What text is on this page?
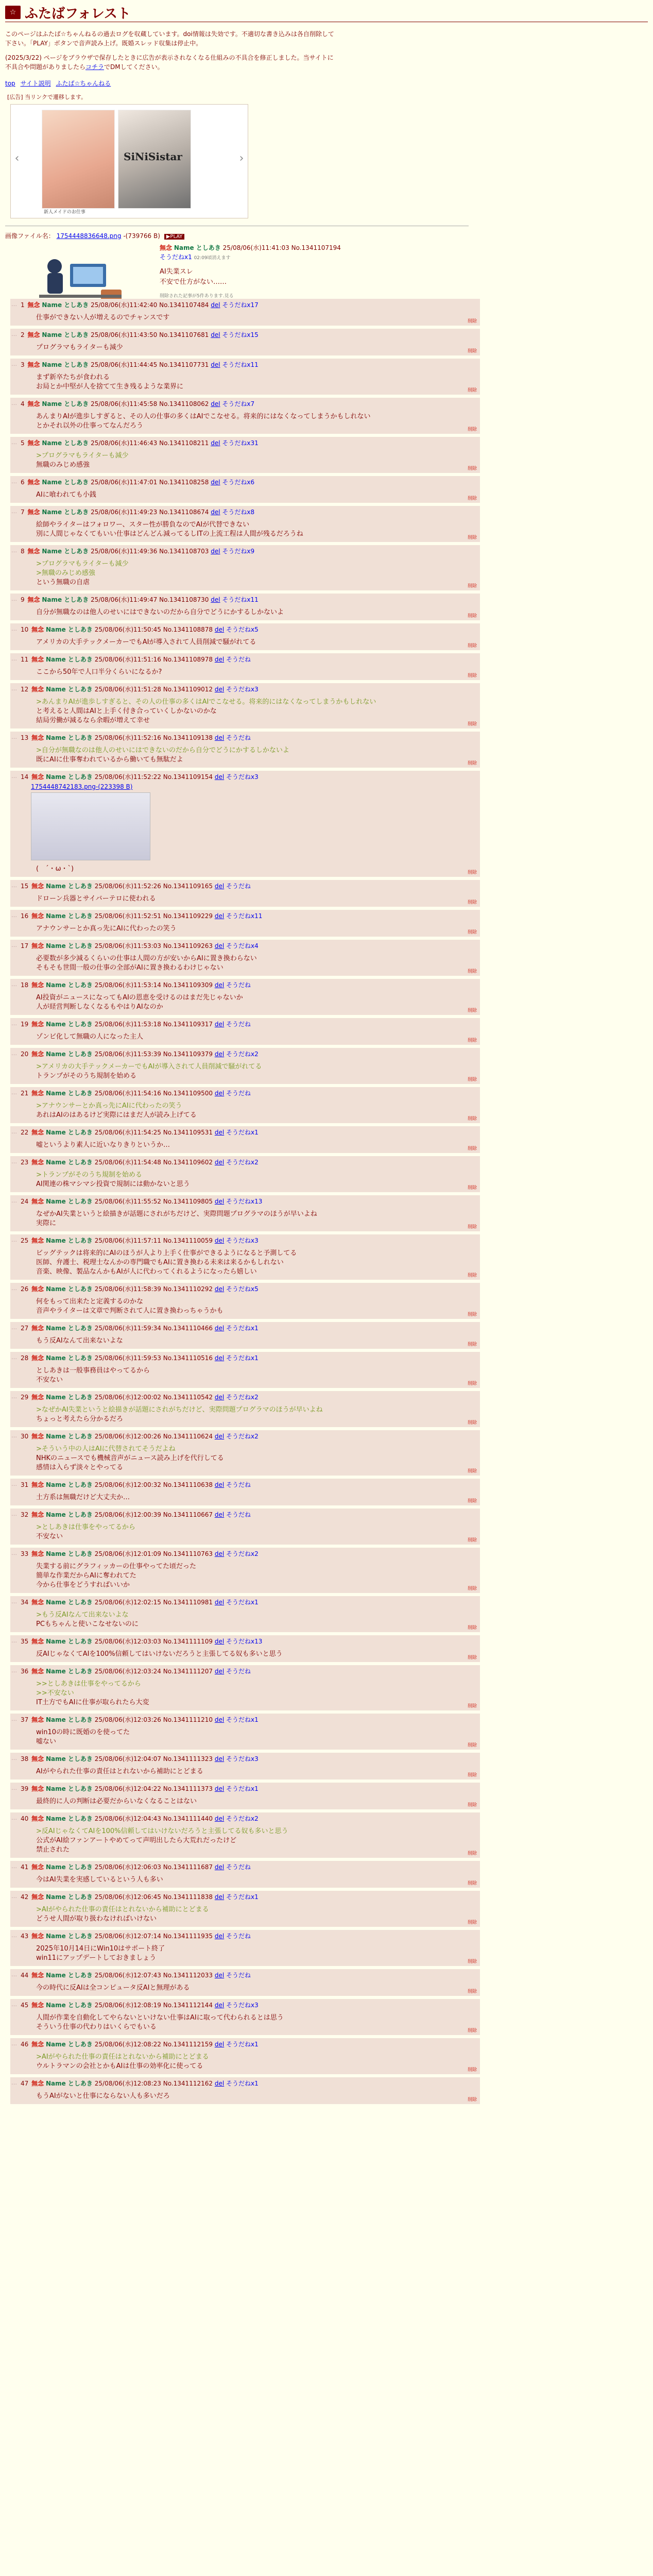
☆ ふたばフォレスト
このページはふたば☆ちゃんねるの過去ログを収蔵しています。doi情報は失効です。不適切な書き込みは各自削除して下さい。「PLAY」ボタンで音声読み上げ。既婚スレッド収集は停止中。
(2025/3/22) ページをブラウザで保存したときに広告が表示されなくなる仕組みの不具合を修正しました。当サイトに不具合や問題がありましたらコチラでDMしてください。
top サイト説明 ふたば☆ちゃんねる
[広告] 当リンクで遷移します。
‹	SiNiSistar
新人メイドのお仕事
›
画像ファイル名： 1754448836648.png -(739766 B) ▶PLAY
無念 Name としあき 25/08/06(水)11:41:03 No.1341107194
そうだねx1 02:09頃消えます
AI失業スレ
不安で仕方がない……
削除された記事が5件あります.見る
… 1 無念 Name としあき 25/08/06(水)11:42:40 No.1341107484 del そうだねx17
仕事ができない人が増えるのでチャンスです	削除
… 2 無念 Name としあき 25/08/06(水)11:43:50 No.1341107681 del そうだねx15
プログラマもライターも減少	削除
… 3 無念 Name としあき 25/08/06(水)11:44:45 No.1341107731 del そうだねx11
まず新卒たちが食われる
お局とか中堅が人を捨てて生き残るような業界に	削除
… 4 無念 Name としあき 25/08/06(水)11:45:58 No.1341108062 del そうだねx7
あんまりAIが進歩しすぎると、その人の仕事の多くはAIでこなせる。将来的にはなくなってしまうかもしれない
とかそれ以外の仕事ってなんだろう	削除
… 5 無念 Name としあき 25/08/06(水)11:46:43 No.1341108211 del そうだねx31
>プログラマもライターも減少
無職のみじめ感強	削除
… 6 無念 Name としあき 25/08/06(水)11:47:01 No.1341108258 del そうだねx6
AIに喰われても小銭	削除
… 7 無念 Name としあき 25/08/06(水)11:49:23 No.1341108674 del そうだねx8
絵師やライターはフォロワー、スター性が勝負なのでAIが代替できない
別に人間じゃなくてもいい仕事はどんどん減ってるしITの上流工程は人間が残るだろうね	削除
… 8 無念 Name としあき 25/08/06(水)11:49:36 No.1341108703 del そうだねx9
>プログラマもライターも減少
>無職のみじめ感強
という無職の自虐	削除
… 9 無念 Name としあき 25/08/06(水)11:49:47 No.1341108730 del そうだねx11
自分が無職なのは他人のせいにはできないのだから自分でどうにかするしかないよ	削除
… 10 無念 Name としあき 25/08/06(水)11:50:45 No.1341108878 del そうだねx5
アメリカの大手テックメーカーでもAIが導入されて人員削減で騒がれてる	削除
… 11 無念 Name としあき 25/08/06(水)11:51:16 No.1341108978 del そうだね
ここから50年で人口半分くらいになるか?	削除
… 12 無念 Name としあき 25/08/06(水)11:51:28 No.1341109012 del そうだねx3
>あんまりAIが進歩しすぎると、その人の仕事の多くはAIでこなせる。将来的にはなくなってしまうかもしれない
と考えると人間はAIと上手く付き合っていくしかないのかな
結局労働が減るなら余暇が増えて幸せ	削除
… 13 無念 Name としあき 25/08/06(水)11:52:16 No.1341109138 del そうだね
>自分が無職なのは他人のせいにはできないのだから自分でどうにかするしかないよ
既にAIに仕事奪われているから働いても無駄だよ	削除
… 14 無念 Name としあき 25/08/06(水)11:52:22 No.1341109154 del そうだねx3
1754448742183.png-(223398 B)
(　´・ω・`)	削除
… 15 無念 Name としあき 25/08/06(水)11:52:26 No.1341109165 del そうだね
ドローン兵器とサイバーテロに使われる	削除
… 16 無念 Name としあき 25/08/06(水)11:52:51 No.1341109229 del そうだねx11
アナウンサーとか真っ先にAIに代わったの笑う	削除
… 17 無念 Name としあき 25/08/06(水)11:53:03 No.1341109263 del そうだねx4
必要数が多少減るくらいの仕事は人間の方が安いからAIに置き換わらない
そもそも世間一般の仕事の全部がAIに置き換わるわけじゃない	削除
… 18 無念 Name としあき 25/08/06(水)11:53:14 No.1341109309 del そうだね
AI投資がニュースになってもAIの恩恵を受けるのはまだ先じゃないか
人が経営判断しなくなるもやはりAIなのか	削除
… 19 無念 Name としあき 25/08/06(水)11:53:18 No.1341109317 del そうだね
ゾンビ化して無職の人になった主人	削除
… 20 無念 Name としあき 25/08/06(水)11:53:39 No.1341109379 del そうだねx2
>アメリカの大手テックメーカーでもAIが導入されて人員削減で騒がれてる
トランプがそのうち規制を始める	削除
… 21 無念 Name としあき 25/08/06(水)11:54:16 No.1341109500 del そうだね
>アナウンサーとか真っ先にAIに代わったの笑う
あれはAIのはあるけど実際にはまだ人が読み上げてる	削除
… 22 無念 Name としあき 25/08/06(水)11:54:25 No.1341109531 del そうだねx1
嘘というより素人に近いなりきりというか…	削除
… 23 無念 Name としあき 25/08/06(水)11:54:48 No.1341109602 del そうだねx2
>トランプがそのうち規制を始める
AI関連の株マシマシ投資で規制には動かないと思う	削除
… 24 無念 Name としあき 25/08/06(水)11:55:52 No.1341109805 del そうだねx13
なぜかAI失業というと絵描きが話題にされがちだけど、実際問題プログラマのほうが早いよね
実際に	削除
… 25 無念 Name としあき 25/08/06(水)11:57:11 No.1341110059 del そうだねx3
ビッグテックは将来的にAIのほうが人より上手く仕事ができるようになると予測してる
医師、弁護士、税理士なんかの専門職でもAIに置き換わる未来は来るかもしれない
音楽、映像、製品なんかもAIが人に代わってくれるようになったら嬉しい	削除
… 26 無念 Name としあき 25/08/06(水)11:58:39 No.1341110292 del そうだねx5
何をもって出来たと定義するのかな
音声やライターは文章で判断されて人に置き換わっちゃうかも	削除
… 27 無念 Name としあき 25/08/06(水)11:59:34 No.1341110466 del そうだねx1
もう反AIなんて出来ないよな	削除
… 28 無念 Name としあき 25/08/06(水)11:59:53 No.1341110516 del そうだねx1
としあきは一般事務員はやってるから
不安ない	削除
… 29 無念 Name としあき 25/08/06(水)12:00:02 No.1341110542 del そうだねx2
>なぜかAI失業というと絵描きが話題にされがちだけど、実際問題プログラマのほうが早いよね
ちょっと考えたら分かるだろ	削除
… 30 無念 Name としあき 25/08/06(水)12:00:26 No.1341110624 del そうだねx2
>そういう中の人はAIに代替されてそうだよね
NHKのニュースでも機械音声がニュース読み上げを代行してる
感情は入らず淡々とやってる	削除
… 31 無念 Name としあき 25/08/06(水)12:00:32 No.1341110638 del そうだね
土方系は無職だけど大丈夫か…	削除
… 32 無念 Name としあき 25/08/06(水)12:00:39 No.1341110667 del そうだね
>としあきは仕事をやってるから
不安ない	削除
… 33 無念 Name としあき 25/08/06(水)12:01:09 No.1341110763 del そうだねx2
失業する前にグラフィッカーの仕事やってた頃だった
簡単な作業だからAIに奪われてた
今から仕事をどうすればいいか	削除
… 34 無念 Name としあき 25/08/06(水)12:02:15 No.1341110981 del そうだねx1
>もう反AIなんて出来ないよな
PCもちゃんと使いこなせないのに	削除
… 35 無念 Name としあき 25/08/06(水)12:03:03 No.1341111109 del そうだねx13
反AIじゃなくてAIを100%信頼してはいけないだろうと主張してる奴も多いと思う	削除
… 36 無念 Name としあき 25/08/06(水)12:03:24 No.1341111207 del そうだね
>>としあきは仕事をやってるから
>>不安ない
IT土方でもAIに仕事が取られたら大変	削除
… 37 無念 Name としあき 25/08/06(水)12:03:26 No.1341111210 del そうだねx1
win10の時に既婚のを使ってた
嘘ない	削除
… 38 無念 Name としあき 25/08/06(水)12:04:07 No.1341111323 del そうだねx3
AIがやられた仕事の責任はとれないから補助にとどまる	削除
… 39 無念 Name としあき 25/08/06(水)12:04:22 No.1341111373 del そうだねx1
最終的に人の判断は必要だからいなくなることはない	削除
… 40 無念 Name としあき 25/08/06(水)12:04:43 No.1341111440 del そうだねx2
>反AIじゃなくてAIを100%信頼してはいけないだろうと主張してる奴も多いと思う
公式がAI絵ファンアートやめてって声明出したら大荒れだったけど
禁止された	削除
… 41 無念 Name としあき 25/08/06(水)12:06:03 No.1341111687 del そうだね
今はAI失業を実感しているという人も多い	削除
… 42 無念 Name としあき 25/08/06(水)12:06:45 No.1341111838 del そうだねx1
>AIがやられた仕事の責任はとれないから補助にとどまる
どうせ人間が取り扱わなければいけない	削除
… 43 無念 Name としあき 25/08/06(水)12:07:14 No.1341111935 del そうだね
2025年10月14日にWin10はサポート終了
win11にアップデートしておきましょう	削除
… 44 無念 Name としあき 25/08/06(水)12:07:43 No.1341112033 del そうだね
今の時代に反AIは全コンピュータ反AIと無理がある	削除
… 45 無念 Name としあき 25/08/06(水)12:08:19 No.1341112144 del そうだねx3
人間が作業を自動化してやらないといけない仕事はAIに取って代わられるとは思う
そういう仕事の代わりはいくらでもいる	削除
… 46 無念 Name としあき 25/08/06(水)12:08:22 No.1341112159 del そうだねx1
>AIがやられた仕事の責任はとれないから補助にとどまる
ウルトラマンの会社とかもAIは仕事の効率化に使ってる	削除
… 47 無念 Name としあき 25/08/06(水)12:08:23 No.1341112162 del そうだねx1
もうAIがないと仕事にならない人も多いだろ	削除
